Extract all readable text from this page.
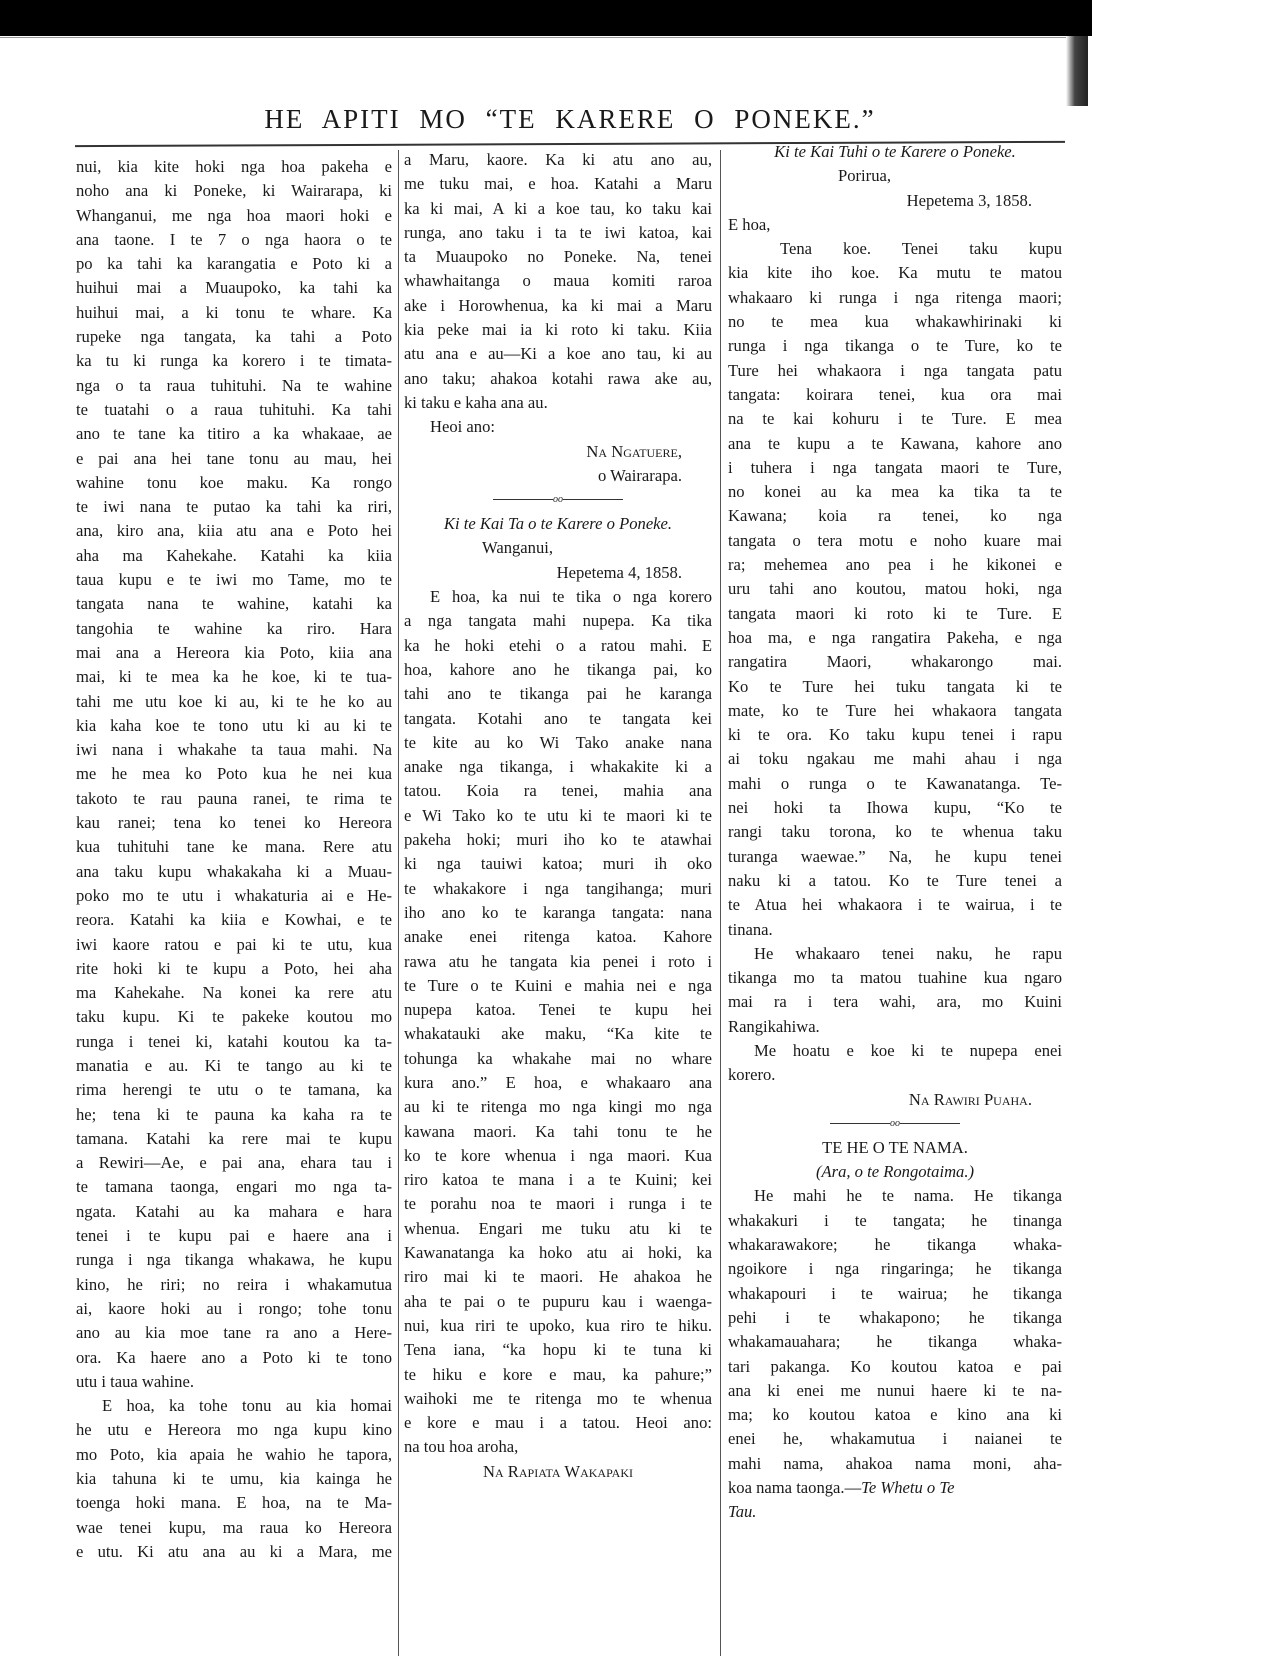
HE APITI MO “TE KARERE O PONEKE.”
nui, kia kite hoki nga hoa pakeha e
noho ana ki Poneke, ki Wairarapa, ki
Whanganui, me nga hoa maori hoki e
ana taone. I te 7 o nga haora o te
po ka tahi ka karangatia e Poto ki a
huihui mai a Muaupoko, ka tahi ka
huihui mai, a ki tonu te whare. Ka
rupeke nga tangata, ka tahi a Poto
ka tu ki runga ka korero i te timata-
nga o ta raua tuhituhi. Na te wahine
te tuatahi o a raua tuhituhi. Ka tahi
ano te tane ka titiro a ka whakaae, ae
e pai ana hei tane tonu au mau, hei
wahine tonu koe maku. Ka rongo
te iwi nana te putao ka tahi ka riri,
ana, kiro ana, kiia atu ana e Poto hei
aha ma Kahekahe. Katahi ka kiia
taua kupu e te iwi mo Tame, mo te
tangata nana te wahine, katahi ka
tangohia te wahine ka riro. Hara
mai ana a Hereora kia Poto, kiia ana
mai, ki te mea ka he koe, ki te tua-
tahi me utu koe ki au, ki te he ko au
kia kaha koe te tono utu ki au ki te
iwi nana i whakahe ta taua mahi. Na
me he mea ko Poto kua he nei kua
takoto te rau pauna ranei, te rima te
kau ranei; tena ko tenei ko Hereora
kua tuhituhi tane ke mana. Rere atu
ana taku kupu whakakaha ki a Muau-
poko mo te utu i whakaturia ai e He-
reora. Katahi ka kiia e Kowhai, e te
iwi kaore ratou e pai ki te utu, kua
rite hoki ki te kupu a Poto, hei aha
ma Kahekahe. Na konei ka rere atu
taku kupu. Ki te pakeke koutou mo
runga i tenei ki, katahi koutou ka ta-
manatia e au. Ki te tango au ki te
rima herengi te utu o te tamana, ka
he; tena ki te pauna ka kaha ra te
tamana. Katahi ka rere mai te kupu
a Rewiri—Ae, e pai ana, ehara tau i
te tamana taonga, engari mo nga ta-
ngata. Katahi au ka mahara e hara
tenei i te kupu pai e haere ana i
runga i nga tikanga whakawa, he kupu
kino, he riri; no reira i whakamutua
ai, kaore hoki au i rongo; tohe tonu
ano au kia moe tane ra ano a Here-
ora. Ka haere ano a Poto ki te tono
utu i taua wahine.
E hoa, ka tohe tonu au kia homai
he utu e Hereora mo nga kupu kino
mo Poto, kia apaia he wahio he tapora,
kia tahuna ki te umu, kia kainga he
toenga hoki mana. E hoa, na te Ma-
wae tenei kupu, ma raua ko Hereora
e utu. Ki atu ana au ki a Mara, me
a Maru, kaore. Ka ki atu ano au,
me tuku mai, e hoa. Katahi a Maru
ka ki mai, A ki a koe tau, ko taku kai
runga, ano taku i ta te iwi katoa, kai
ta Muaupoko no Poneke. Na, tenei
whawhaitanga o maua komiti raroa
ake i Horowhenua, ka ki mai a Maru
kia peke mai ia ki roto ki taku. Kiia
atu ana e au—Ki a koe ano tau, ki au
ano taku; ahakoa kotahi rawa ake au,
ki taku e kaha ana au.
Heoi ano:
Na Ngatuere,
o Wairarapa.
oo
Ki te Kai Ta o te Karere o Poneke.
Wanganui,
Hepetema 4, 1858.
E hoa, ka nui te tika o nga korero
a nga tangata mahi nupepa. Ka tika
ka he hoki etehi o a ratou mahi. E
hoa, kahore ano he tikanga pai, ko
tahi ano te tikanga pai he karanga
tangata. Kotahi ano te tangata kei
te kite au ko Wi Tako anake nana
anake nga tikanga, i whakakite ki a
tatou. Koia ra tenei, mahia ana
e Wi Tako ko te utu ki te maori ki te
pakeha hoki; muri iho ko te atawhai
ki nga tauiwi katoa; muri ih oko
te whakakore i nga tangihanga; muri
iho ano ko te karanga tangata: nana
anake enei ritenga katoa. Kahore
rawa atu he tangata kia penei i roto i
te Ture o te Kuini e mahia nei e nga
nupepa katoa. Tenei te kupu hei
whakatauki ake maku, “Ka kite te
tohunga ka whakahe mai no whare
kura ano.” E hoa, e whakaaro ana
au ki te ritenga mo nga kingi mo nga
kawana maori. Ka tahi tonu te he
ko te kore whenua i nga maori. Kua
riro katoa te mana i a te Kuini; kei
te porahu noa te maori i runga i te
whenua. Engari me tuku atu ki te
Kawanatanga ka hoko atu ai hoki, ka
riro mai ki te maori. He ahakoa he
aha te pai o te pupuru kau i waenga-
nui, kua riri te upoko, kua riro te hiku.
Tena iana, “ka hopu ki te tuna ki
te hiku e kore e mau, ka pahure;”
waihoki me te ritenga mo te whenua
e kore e mau i a tatou. Heoi ano:
na tou hoa aroha,
Na Rapiata Wakapaki
Ki te Kai Tuhi o te Karere o Poneke.
Porirua,
Hepetema 3, 1858.
E hoa,
Tena koe. Tenei taku kupu
kia kite iho koe. Ka mutu te matou
whakaaro ki runga i nga ritenga maori;
no te mea kua whakawhirinaki ki
runga i nga tikanga o te Ture, ko te
Ture hei whakaora i nga tangata patu
tangata: koirara tenei, kua ora mai
na te kai kohuru i te Ture. E mea
ana te kupu a te Kawana, kahore ano
i tuhera i nga tangata maori te Ture,
no konei au ka mea ka tika ta te
Kawana; koia ra tenei, ko nga
tangata o tera motu e noho kuare mai
ra; mehemea ano pea i he kikonei e
uru tahi ano koutou, matou hoki, nga
tangata maori ki roto ki te Ture. E
hoa ma, e nga rangatira Pakeha, e nga
rangatira Maori, whakarongo mai.
Ko te Ture hei tuku tangata ki te
mate, ko te Ture hei whakaora tangata
ki te ora. Ko taku kupu tenei i rapu
ai toku ngakau me mahi ahau i nga
mahi o runga o te Kawanatanga. Te-
nei hoki ta Ihowa kupu, “Ko te
rangi taku torona, ko te whenua taku
turanga waewae.” Na, he kupu tenei
naku ki a tatou. Ko te Ture tenei a
te Atua hei whakaora i te wairua, i te
tinana.
He whakaaro tenei naku, he rapu
tikanga mo ta matou tuahine kua ngaro
mai ra i tera wahi, ara, mo Kuini
Rangikahiwa.
Me hoatu e koe ki te nupepa enei
korero.
Na Rawiri Puaha.
oo
TE HE O TE NAMA.
(Ara, o te Rongotaima.)
He mahi he te nama. He tikanga
whakakuri i te tangata; he tinanga
whakarawakore; he tikanga whaka-
ngoikore i nga ringaringa; he tikanga
whakapouri i te wairua; he tikanga
pehi i te whakapono; he tikanga
whakamauahara; he tikanga whaka-
tari pakanga. Ko koutou katoa e pai
ana ki enei me nunui haere ki te na-
ma; ko koutou katoa e kino ana ki
enei he, whakamutua i naianei te
mahi nama, ahakoa nama moni, aha-
koa nama taonga.—Te Whetu o Te
Tau.
